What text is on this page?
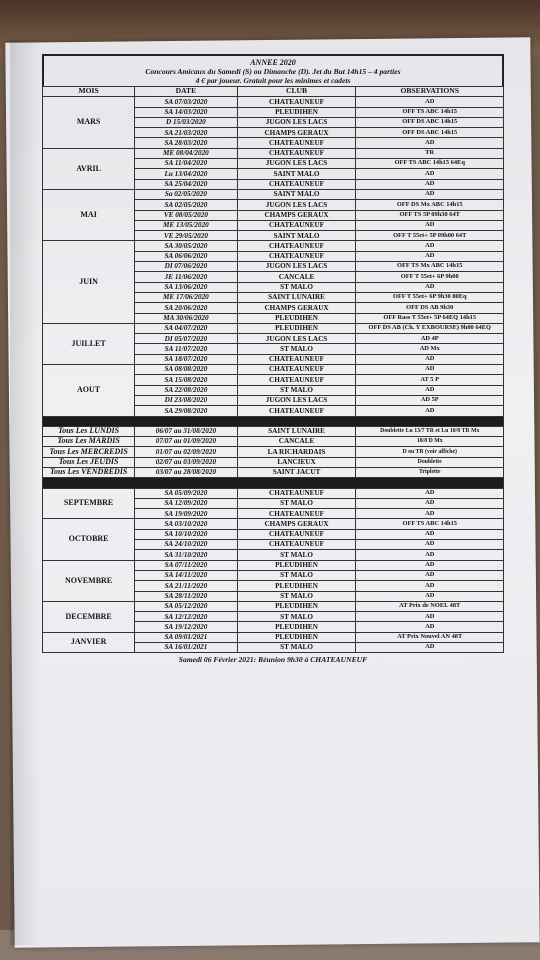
ANNEE 2020
Concours Amicaux du Samedi (S) ou Dimanche (D). Jet du But 14h15 – 4 parties
4 € par joueur. Gratuit pour les minimes et cadets
MOIS	DATE	CLUB	OBSERVATIONS
MARS	SA 07/03/2020	CHATEAUNEUF	AD
	SA 14/03/2020	PLEUDIHEN	OFF TS ABC 14h15
	D 15/03/2020	JUGON LES LACS	OFF DS ABC 14h15
	SA 21/03/2020	CHAMPS GERAUX	OFF DS ABC 14h15
	SA 28/03/2020	CHATEAUNEUF	AD
AVRIL	ME 08/04/2020	CHATEAUNEUF	TR
	SA 11/04/2020	JUGON LES LACS	OFF TS ABC 14h15 64Eq
	Lu 13/04/2020	SAINT MALO	AD
	SA 25/04/2020	CHATEAUNEUF	AD
MAI	Sa 02/05/2020	SAINT MALO	AD
	SA 02/05/2020	JUGON LES LACS	OFF DS Mx ABC 14h15
	VE 08/05/2020	CHAMPS GERAUX	OFF TS 5P 09h30 64T
	ME 13/05/2020	CHATEAUNEUF	AD
	VE 29/05/2020	SAINT MALO	OFF T 55et+ 5P 09h00 64T
JUIN	SA 30/05/2020	CHATEAUNEUF	AD
	SA 06/06/2020	CHATEAUNEUF	AD
	DI 07/06/2020	JUGON LES LACS	OFF TS Mx ABC 14h15
	JE 11/06/2020	CANCALE	OFF T 55et+ 6P 9h00
	SA 13/06/2020	ST MALO	AD
	ME 17/06/2020	SAINT LUNAIRE	OFF T 55et+ 6P 9h30 80Eq
	SA 20/06/2020	CHAMPS GERAUX	OFF DS AB 9h30
	MA 30/06/2020	PLEUDIHEN	OFF Rass T 55et+ 5P 64EQ 14h15
JUILLET	SA 04/07/2020	PLEUDIHEN	OFF DS AB (Ch. Y EXBOURSE) 9h00 64EQ
	DI 05/07/2020	JUGON LES LACS	AD 4P
	SA 11/07/2020	ST MALO	AD Mx
	SA 18/07/2020	CHATEAUNEUF	AD
AOUT	SA 08/08/2020	CHATEAUNEUF	AD
	SA 15/08/2020	CHATEAUNEUF	AT 5 P
	SA 22/08/2020	ST MALO	AD
	DI 23/08/2020	JUGON LES LACS	AD 5P
	SA 29/08/2020	CHATEAUNEUF	AD

Tous Les LUNDIS	06/07 au 31/08/2020	SAINT LUNAIRE	Doublette Lu 13/7 TR et Lu 10/8 TR Mx
Tous Les MARDIS	07/07 au 01/09/2020	CANCALE	18/8 D Mx
Tous Les MERCREDIS	01/07 au 02/09/2020	LA RICHARDAIS	D ou TR (voir affiche)
Tous Les JEUDIS	02/07 au 03/09/2020	LANCIEUX	Doublette
Tous Les VENDREDIS	03/07 au 28/08/2020	SAINT JACUT	Triplette

SEPTEMBRE	SA 05/09/2020	CHATEAUNEUF	AD
	SA 12/09/2020	ST MALO	AD
	SA 19/09/2020	CHATEAUNEUF	AD
OCTOBRE	SA 03/10/2020	CHAMPS GERAUX	OFF TS ABC 14h15
	SA 10/10/2020	CHATEAUNEUF	AD
	SA 24/10/2020	CHATEAUNEUF	AD
	SA 31/10/2020	ST MALO	AD
NOVEMBRE	SA 07/11/2020	PLEUDIHEN	AD
	SA 14/11/2020	ST MALO	AD
	SA 21/11/2020	PLEUDIHEN	AD
	SA 28/11/2020	ST MALO	AD
DECEMBRE	SA 05/12/2020	PLEUDIHEN	AT Prix de NOEL 48T
	SA 12/12/2020	ST MALO	AD
	SA 19/12/2020	PLEUDIHEN	AD
JANVIER	SA 09/01/2021	PLEUDIHEN	AT Prix Nouvel AN 48T
	SA 16/01/2021	ST MALO	AD
Samedi 06 Février 2021: Réunion 9h30 à CHATEAUNEUF
